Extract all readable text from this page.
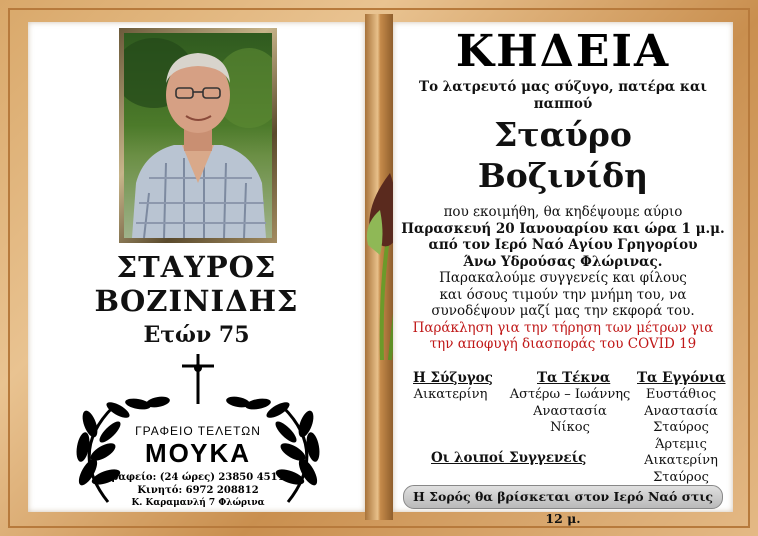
ΣΤΑΥΡΟΣ
ΒΟΖΙΝΙΔΗΣ
Ετών 75
ΓΡΑΦΕΙΟ ΤΕΛΕΤΩΝ
ΜΟΥΚΑ
Γραφείο: (24 ώρες) 23850 45111
Κινητό: 6972 208812
Κ. Καραμανλή 7 Φλώρινα
ΚΗΔΕΙΑ
Το λατρευτό μας σύζυγο, πατέρα και
παππού
Σταύρο
Βοζινίδη
που εκοιμήθη, θα κηδέψουμε αύριο
Παρασκευή 20 Ιανουαρίου και ώρα 1 μ.μ.
από τον Ιερό Ναό Αγίου Γρηγορίου
Άνω Υδρούσας Φλώρινας.
Παρακαλούμε συγγενείς και φίλους
και όσους τιμούν την μνήμη του, να
συνοδέψουν μαζί μας την εκφορά του.
Παράκληση για την τήρηση των μέτρων για
την αποφυγή διασποράς του COVID 19
Η Σύζυγος	Τα Τέκνα Τα Εγγόνια
Αικατερίνη	Αστέρω – Ιωάννης
Αναστασία
Νίκος
Ευστάθιος
Αναστασία
Σταύρος
Άρτεμις
Αικατερίνη
Σταύρος
Οι λοιποί Συγγενείς
Η Σορός θα βρίσκεται στον Ιερό Ναό στις 12 μ.
